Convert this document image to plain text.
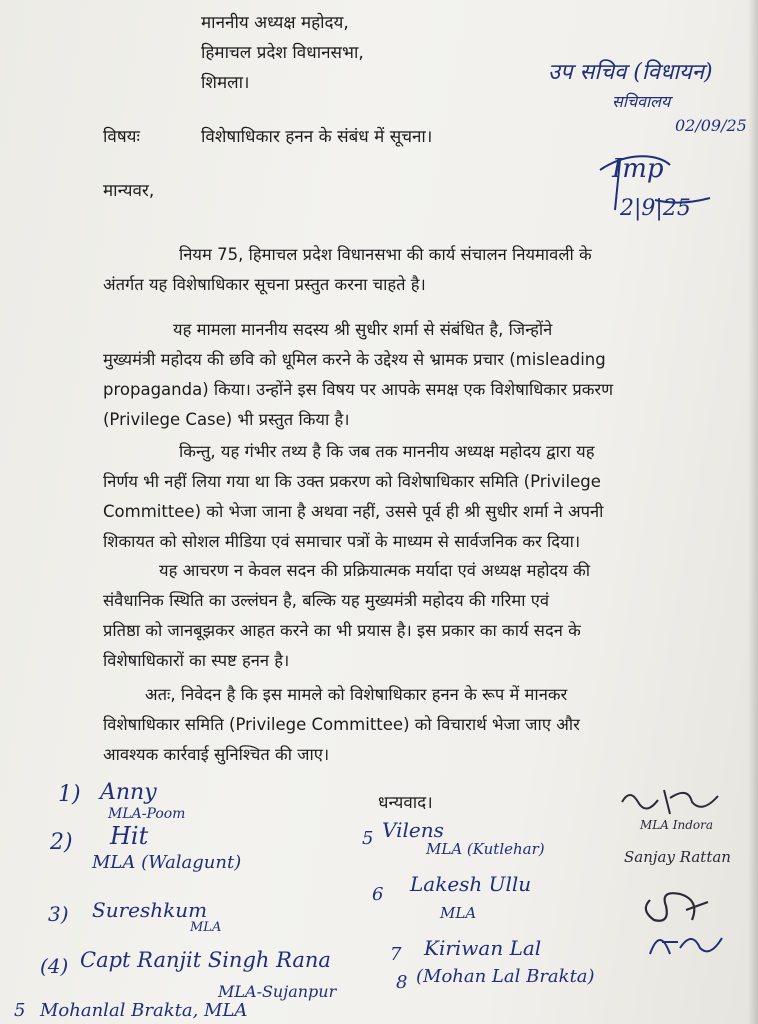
माननीय अध्यक्ष महोदय,
हिमाचल प्रदेश विधानसभा,
शिमला।
विषयः	विशेषाधिकार हनन के संबंध में सूचना।
मान्यवर,
नियम 75, हिमाचल प्रदेश विधानसभा की कार्य संचालन नियमावली के
अंतर्गत यह विशेषाधिकार सूचना प्रस्तुत करना चाहते है।
यह मामला माननीय सदस्य श्री सुधीर शर्मा से संबंधित है, जिन्होंने
मुख्यमंत्री महोदय की छवि को धूमिल करने के उद्देश्य से भ्रामक प्रचार (misleading
propaganda) किया। उन्होंने इस विषय पर आपके समक्ष एक विशेषाधिकार प्रकरण
(Privilege Case) भी प्रस्तुत किया है।
किन्तु, यह गंभीर तथ्य है कि जब तक माननीय अध्यक्ष महोदय द्वारा यह
निर्णय भी नहीं लिया गया था कि उक्त प्रकरण को विशेषाधिकार समिति (Privilege
Committee) को भेजा जाना है अथवा नहीं, उससे पूर्व ही श्री सुधीर शर्मा ने अपनी
शिकायत को सोशल मीडिया एवं समाचार पत्रों के माध्यम से सार्वजनिक कर दिया।
यह आचरण न केवल सदन की प्रक्रियात्मक मर्यादा एवं अध्यक्ष महोदय की
संवैधानिक स्थिति का उल्लंघन है, बल्कि यह मुख्यमंत्री महोदय की गरिमा एवं
प्रतिष्ठा को जानबूझकर आहत करने का भी प्रयास है। इस प्रकार का कार्य सदन के
विशेषाधिकारों का स्पष्ट हनन है।
अतः, निवेदन है कि इस मामले को विशेषाधिकार हनन के रूप में मानकर
विशेषाधिकार समिति (Privilege Committee) को विचारार्थ भेजा जाए और
आवश्यक कार्रवाई सुनिश्चित की जाए।
धन्यवाद।
उप सचिव (विधायन)
सचिवालय
02/09/25
Imp
2|9|25
1) Anny
MLA-Poom
2) Hit
MLA (Walagunt)
3) Sureshkum
MLA
(4) Capt Ranjit Singh Rana
MLA-Sujanpur
5 Mohanlal Brakta, MLA
5 Vilens
MLA (Kutlehar)
6 Lakesh Ullu
MLA
7 Kiriwan Lal
8 (Mohan Lal Brakta)
MLA Indora
Sanjay Rattan
